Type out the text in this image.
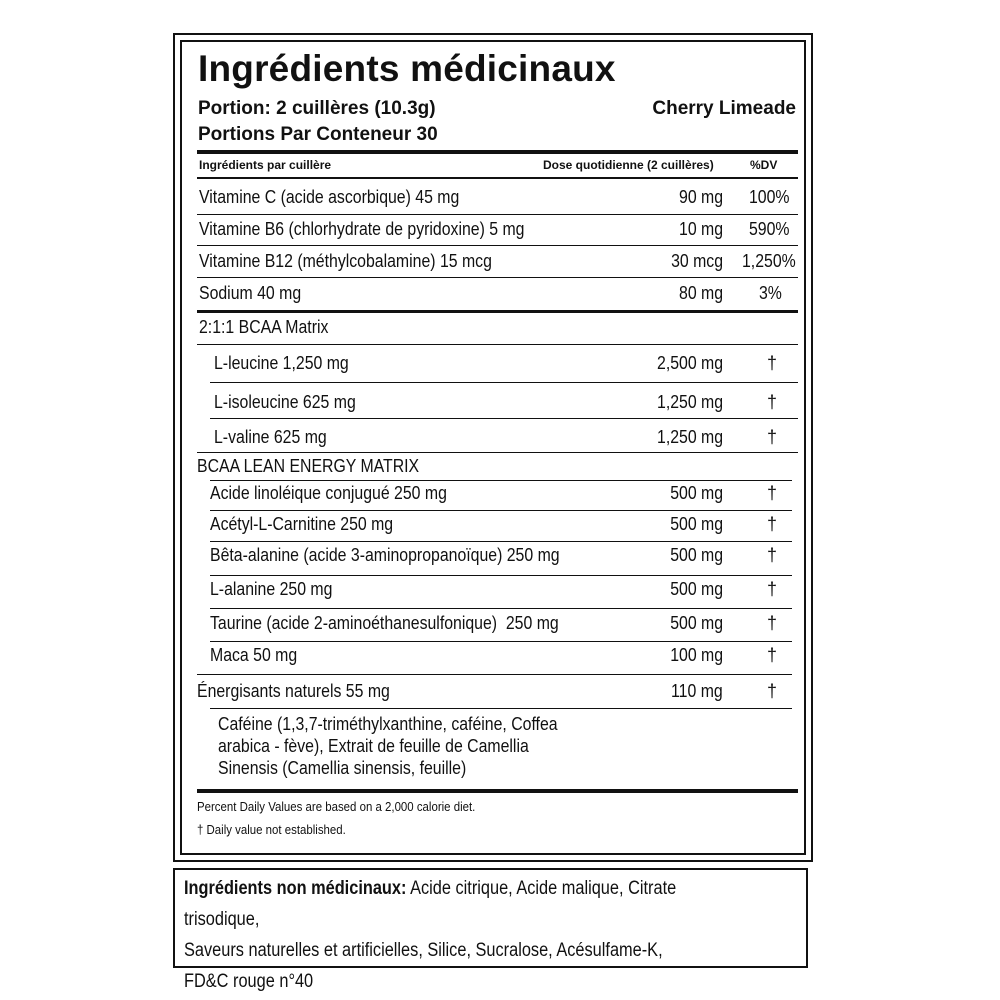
Ingrédients médicinaux
Portion: 2 cuillères (10.3g)	Cherry Limeade
Portions Par Conteneur 30
Ingrédients par cuillère	Dose quotidienne (2 cuillères)	%DV
Vitamine C (acide ascorbique) 45 mg	90 mg	100%
Vitamine B6 (chlorhydrate de pyridoxine) 5 mg	10 mg	590%
Vitamine B12 (méthylcobalamine) 15 mcg	30 mcg 1,250%
Sodium 40 mg	80 mg	3%
2:1:1 BCAA Matrix
L-leucine 1,250 mg	2,500 mg	†
L-isoleucine 625 mg	1,250 mg	†
L-valine 625 mg	1,250 mg	†
BCAA LEAN ENERGY MATRIX
Acide linoléique conjugué 250 mg	500 mg	†
Acétyl-L-Carnitine 250 mg	500 mg	†
Bêta-alanine (acide 3-aminopropanoïque) 250 mg	500 mg	†
L-alanine 250 mg	500 mg	†
Taurine (acide 2-aminoéthanesulfonique)  250 mg	500 mg	†
Maca 50 mg	100 mg	†
Énergisants naturels 55 mg	110 mg	†
Caféine (1,3,7-triméthylxanthine, caféine, Coffea
arabica - fève), Extrait de feuille de Camellia
Sinensis (Camellia sinensis, feuille)
Percent Daily Values are based on a 2,000 calorie diet.
† Daily value not established.
Ingrédients non médicinaux: Acide citrique, Acide malique, Citrate trisodique,
Saveurs naturelles et artificielles, Silice, Sucralose, Acésulfame-K,
FD&C rouge n°40
